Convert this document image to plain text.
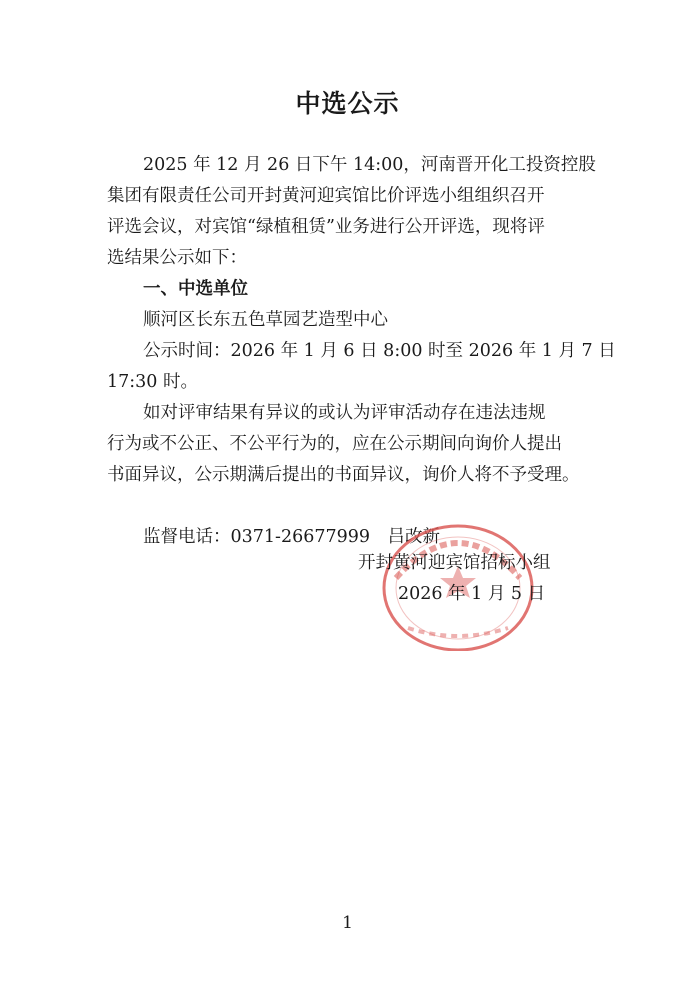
中选公示
2025 年 12 月 26 日下午 14:00，河南晋开化工投资控股
集团有限责任公司开封黄河迎宾馆比价评选小组组织召开
评选会议，对宾馆“绿植租赁”业务进行公开评选，现将评
选结果公示如下：
一、中选单位
顺河区长东五色草园艺造型中心
公示时间：2026 年 1 月 6 日 8:00 时至 2026 年 1 月 7 日
17:30 时。
如对评审结果有异议的或认为评审活动存在违法违规
行为或不公正、不公平行为的，应在公示期间向询价人提出
书面异议，公示期满后提出的书面异议，询价人将不予受理。
监督电话：0371-26677999　吕改新
开封黄河迎宾馆招标小组
2026 年 1 月 5 日
1
